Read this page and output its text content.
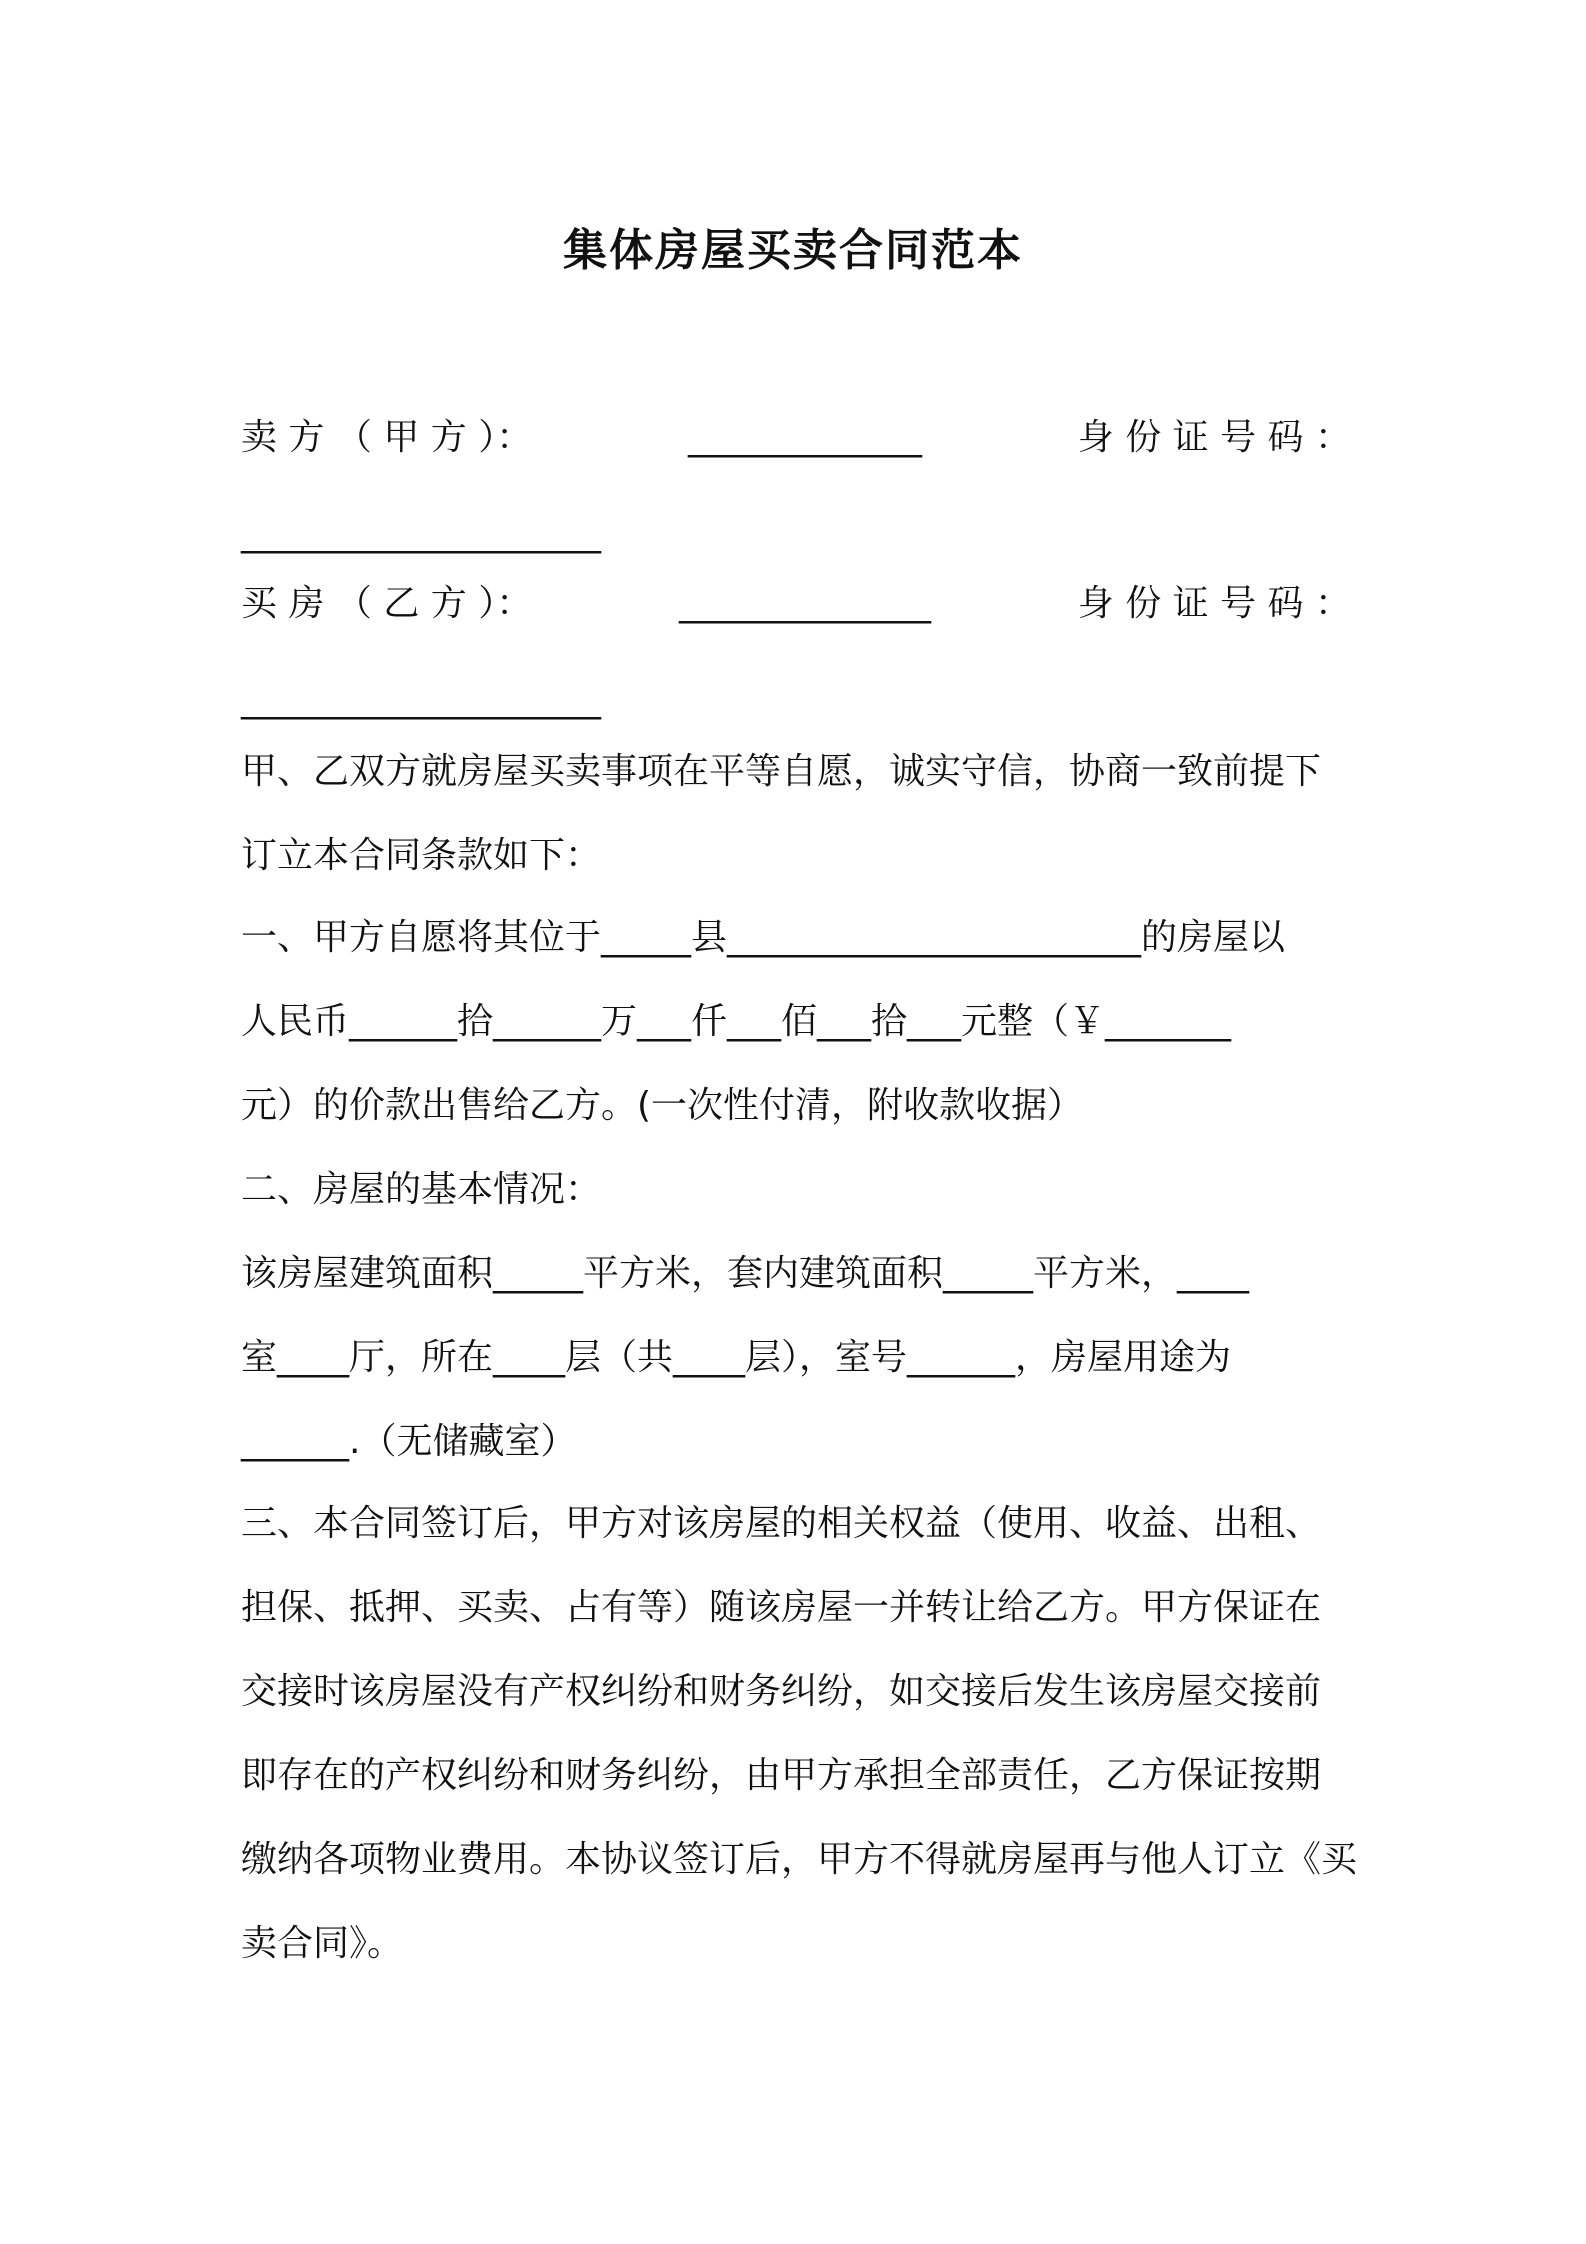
集体房屋买卖合同范本
卖 方 （ 甲 方 ）：	_____________	身 份 证 号 码 ：
____________________
买 房 （ 乙 方 ）：	______________	身 份 证 号 码 ：
____________________
甲、乙双方就房屋买卖事项在平等自愿，诚实守信，协商一致前提下
订立本合同条款如下：
一、甲方自愿将其位于_____县_______________________的房屋以
人民币______拾______万___仟___佰___拾___元整（￥_______
元）的价款出售给乙方。(一次性付清，附收款收据）
二、房屋的基本情况：
该房屋建筑面积_____平方米，套内建筑面积_____平方米，____
室____厅，所在____层（共____层），室号______，房屋用途为
______.（无储藏室）
三、本合同签订后，甲方对该房屋的相关权益（使用、收益、出租、
担保、抵押、买卖、占有等）随该房屋一并转让给乙方。甲方保证在
交接时该房屋没有产权纠纷和财务纠纷，如交接后发生该房屋交接前
即存在的产权纠纷和财务纠纷，由甲方承担全部责任，乙方保证按期
缴纳各项物业费用。本协议签订后，甲方不得就房屋再与他人订立《买
卖合同》。
